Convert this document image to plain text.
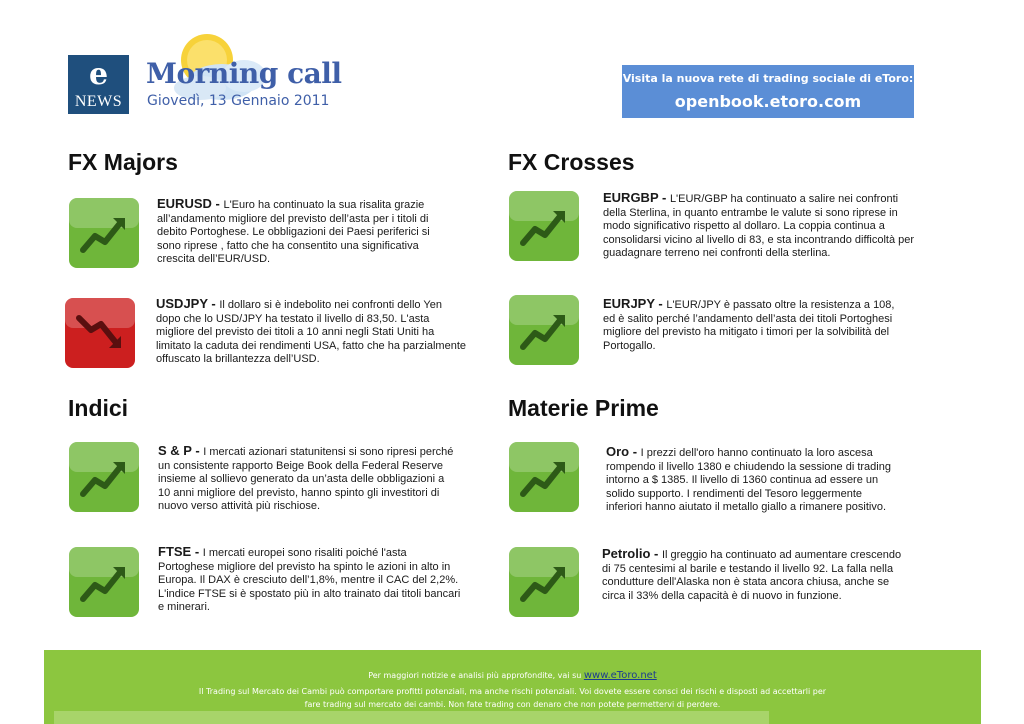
e
NEWS
Morning call
Giovedì, 13 Gennaio 2011
Visita la nuova rete di trading sociale di eToro:
openbook.etoro.com
FX Majors	FX Crosses
Indici	Materie Prime
EURUSD - L'Euro ha continuato la sua risalita grazie all’andamento migliore del previsto dell’asta per i titoli di debito Portoghese. Le obbligazioni dei Paesi periferici si sono riprese , fatto che ha consentito una significativa crescita dell’EUR/USD.
USDJPY - Il dollaro si è indebolito nei confronti dello Yen dopo che lo USD/JPY ha testato il livello di 83,50. L'asta migliore del previsto dei titoli a 10 anni negli Stati Uniti ha limitato la caduta dei rendimenti USA, fatto che ha parzialmente offuscato la brillantezza dell’USD.
EURGBP - L'EUR/GBP ha continuato a salire nei confronti della Sterlina, in quanto entrambe le valute si sono riprese in modo significativo rispetto al dollaro. La coppia continua a consolidarsi vicino al livello di 83, e sta incontrando difficoltà per guadagnare terreno nei confronti della sterlina.
EURJPY - L'EUR/JPY è passato oltre la resistenza a 108, ed è salito perché l’andamento dell’asta dei titoli Portoghesi migliore del previsto ha mitigato i timori per la solvibilità del Portogallo.
S & P - I mercati azionari statunitensi si sono ripresi perché un consistente rapporto Beige Book della Federal Reserve insieme al sollievo generato da un’asta delle obbligazioni a 10 anni migliore del previsto, hanno spinto gli investitori di nuovo verso attività più rischiose.
FTSE - I mercati europei sono risaliti poiché l'asta Portoghese migliore del previsto ha spinto le azioni in alto in Europa. Il DAX è cresciuto dell’1,8%, mentre il CAC del 2,2%. L'indice FTSE si è spostato più in alto trainato dai titoli bancari e minerari.
Oro - I prezzi dell'oro hanno continuato la loro ascesa rompendo il livello 1380 e chiudendo la sessione di trading intorno a $ 1385. Il livello di 1360 continua ad essere un solido supporto. I rendimenti del Tesoro leggermente inferiori hanno aiutato il metallo giallo a rimanere positivo.
Petrolio - Il greggio ha continuato ad aumentare crescendo di 75 centesimi al barile e testando il livello 92. La falla nella condutture dell'Alaska non è stata ancora chiusa, anche se circa il 33% della capacità è di nuovo in funzione.
Per maggiori notizie e analisi più approfondite, vai su www.eToro.net
Il Trading sul Mercato dei Cambi può comportare profitti potenziali, ma anche rischi potenziali. Voi dovete essere consci dei rischi e disposti ad accettarli per
fare trading sul mercato dei cambi. Non fate trading con denaro che non potete permettervi di perdere.
